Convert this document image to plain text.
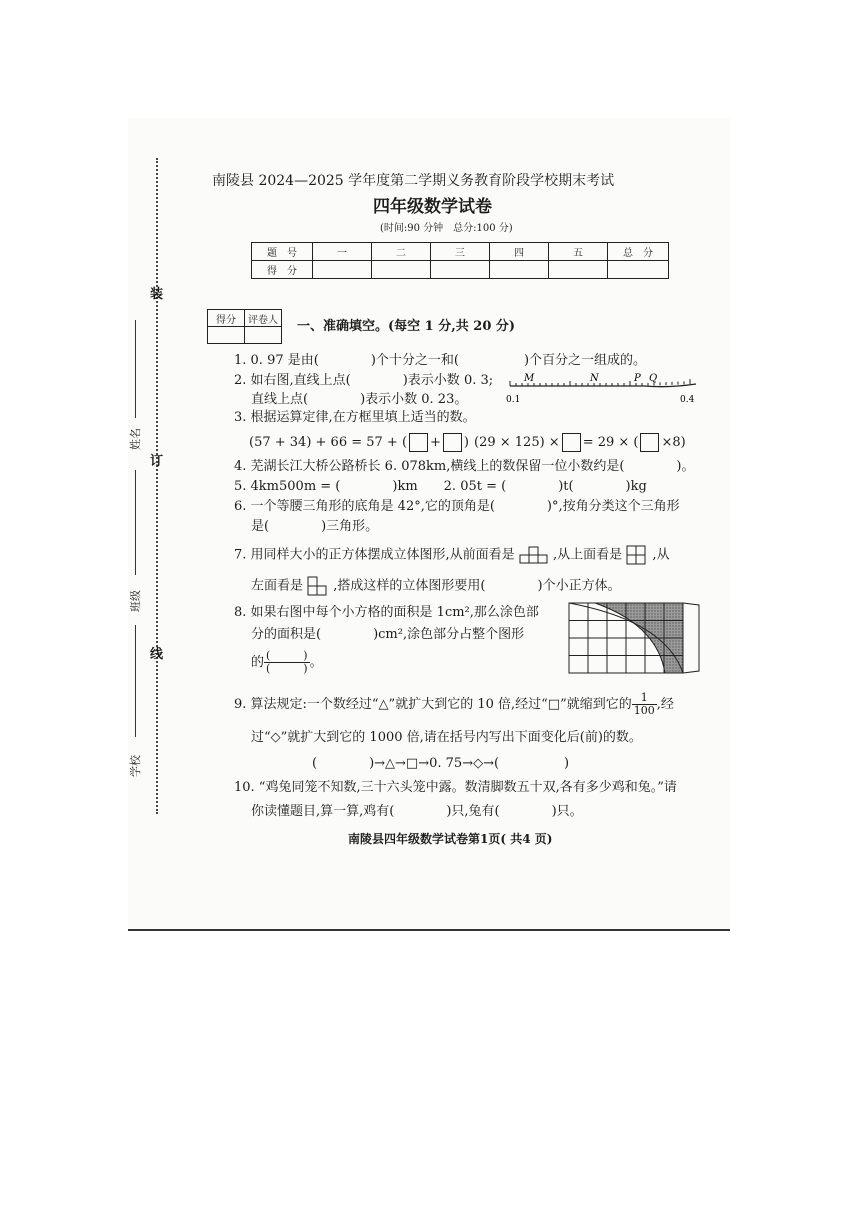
装
订
线
姓名
班级
学校
南陵县 2024—2025 学年度第二学期义务教育阶段学校期末考试
四年级数学试卷
(时间:90 分钟　总分:100 分)
题　号	一	二	三	四	五	总　分
得　分						
得分	评卷人
	一、准确填空。(每空 1 分,共 20 分)
1. 0. 97 是由(　　　　)个十分之一和(　　　　　)个百分之一组成的。
2. 如右图,直线上点(　　　　)表示小数 0. 3;
直线上点(　　　　)表示小数 0. 23。
M	N	P Q
0.1	0.4
3. 根据运算定律,在方框里填上适当的数。
(57 + 34) + 66 = 57 + ( + ) (29 × 125) × = 29 × ( ×8)
4. 芜湖长江大桥公路桥长 6. 078km,横线上的数保留一位小数约是(　　　　)。
5. 4km500m = (　　　　)km　　2. 05t = (　　　　)t(　　　　)kg
6. 一个等腰三角形的底角是 42°,它的顶角是(　　　　)°,按角分类这个三角形
是(　　　　)三角形。
7. 用同样大小的正方体摆成立体图形,从前面看是	,从上面看是 ,从
左面看是 ,搭成这样的立体图形要用(　　　　)个小正方体。
8. 如果右图中每个小方格的面积是 1cm²,那么涂色部
分的面积是(　　　　)cm²,涂色部分占整个图形
的 $\frac{( )}{( )}$ 。
9. 算法规定:一个数经过“△”就扩大到它的 10 倍,经过“□”就缩到它的 $\frac{1}{100}$ ,经
过“◇”就扩大到它的 1000 倍,请在括号内写出下面变化后(前)的数。
(　　　　)→△→□→0. 75→◇→(　　　　　)
10. “鸡兔同笼不知数,三十六头笼中露。数清脚数五十双,各有多少鸡和兔。”请
你读懂题目,算一算,鸡有(　　　　)只,兔有(　　　　)只。
南陵县四年级数学试卷第1页( 共4 页)
